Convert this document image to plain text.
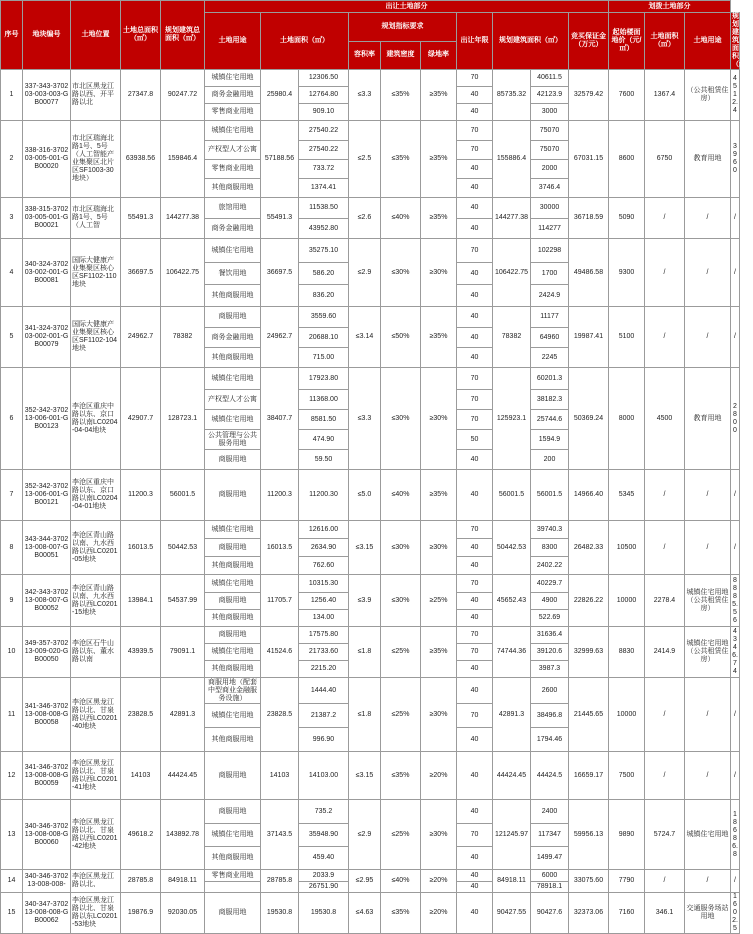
序号	地块编号	土地位置	土地总面积（㎡）	规划建筑总面积（㎡）	出让土地部分										划拨土地部分			
					土地用途	土地面积（㎡）		规划指标要求			出让年限	规划建筑面积（㎡）		竞买保证金（万元）	起始楼面地价（元/㎡）	土地面积（㎡）	土地用途	规划建筑面积（㎡）
								容积率	建筑密度	绿地率								
1	337-343-370203-003-003-GB00077	市北区黑龙江路以西、开平路以北	27347.8	90247.72	城镇住宅用地	25980.4	12306.50	≤3.3	≤35%	≥35%	70	85735.32	40611.5	32579.42	7600	1367.4	（公共租赁住房）	4512.4
					商务金融用地		12764.80				40		42123.9					
					零售商业用地		909.10				40		3000					
2	338-316-370203-005-001-GB00020	市北区瑞海北路1号、5号（人工智能产业集聚区北片区SF1003-30地块）	63938.56	159846.4	城镇住宅用地	57188.56	27540.22	≤2.5	≤35%	≥35%	70	155886.4	75070	67031.15	8600	6750	教育用地	3960
					产权型人才公寓		27540.22				70		75070					
					零售商业用地		733.72				40		2000					
					其他商服用地		1374.41				40		3746.4					
3	338-315-370203-005-001-GB00021	市北区瑞海北路1号、5号（人工智	55491.3	144277.38	旅馆用地	55491.3	11538.50	≤2.6	≤40%	≥35%	40	144277.38	30000	36718.59	5090	/	/	/
					商务金融用地		43952.80				40		114277					
4	340-324-370203-002-001-GB00081	国际大健康产业集聚区核心区SF1102-110地块	36697.5	106422.75	城镇住宅用地	36697.5	35275.10	≤2.9	≤30%	≥30%	70	106422.75	102298	49486.58	9300	/	/	/
					餐饮用地		586.20				40		1700					
					其他商服用地		836.20				40		2424.9					
5	341-324-370203-002-001-GB00079	国际大健康产业集聚区核心区SF1102-104地块	24962.7	78382	商服用地	24962.7	3559.60	≤3.14	≤50%	≥35%	40	78382	11177	19987.41	5100	/	/	/
					商务金融用地		20688.10				40		64960					
					其他商服用地		715.00				40		2245					
6	352-342-370213-006-001-GB00123	李沧区重庆中路以东、京口路以南LC0204-04-04地块	42907.7	128723.1	城镇住宅用地	38407.7	17923.80	≤3.3	≤30%	≥30%	70	125923.1	60201.3	50369.24	8000	4500	教育用地	2800
					产权型人才公寓		11368.00				70		38182.3					
					城镇住宅用地		8581.50				70		25744.6					
					公共管理与公共服务用地		474.90				50		1594.9					
					商服用地		59.50				40		200					
7	352-342-370213-006-001-GB00121	李沧区重庆中路以东、京口路以南LC0204-04-01地块	11200.3	56001.5	商服用地	11200.3	11200.30	≤5.0	≤40%	≥35%	40	56001.5	56001.5	14966.40	5345	/	/	/
8	343-344-370213-008-007-GB00051	李沧区青山路以南、九水西路以西LC0201-05地块	16013.5	50442.53	城镇住宅用地	16013.5	12616.00	≤3.15	≤30%	≥30%	70	50442.53	39740.3	26482.33	10500	/	/	/
					商服用地		2634.90				40		8300					
					其他商服用地		762.60				40		2402.22					
9	342-343-370213-008-007-GB00052	李沧区青山路以南、九水西路以西LC0201-15地块	13984.1	54537.99	城镇住宅用地	11705.7	10315.30	≤3.9	≤30%	≥25%	70	45652.43	40229.7	22826.22	10000	2278.4	城镇住宅用地（公共租赁住房）	8885.56
					商服用地		1256.40				40		4900					
					其他商服用地		134.00				40		522.69					
10	349-357-370213-009-020-GB00050	李沧区石牛山路以东、董水路以南	43939.5	79091.1	商服用地	41524.6	17575.80	≤1.8	≤25%	≥35%	70	74744.36	31636.4	32999.63	8830	2414.9	城镇住宅用地（公共租赁住房）	4346.74
					城镇住宅用地		21733.60				70		39120.6					
					其他商服用地		2215.20				40		3987.3					
11	341-346-370213-008-008-GB00058	李沧区黑龙江路以北、甘泉路以西LC0201-40地块	23828.5	42891.3	商服用地（配套中型商业金融服务设施）	23828.5	1444.40	≤1.8	≤25%	≥30%	40	42891.3	2600	21445.65	10000	/	/	/
					城镇住宅用地		21387.2				70		38496.8					
					其他商服用地		996.90				40		1794.46					
12	341-346-370213-008-008-GB00059	李沧区黑龙江路以北、甘泉路以西LC0201-41地块	14103	44424.45	商服用地	14103	14103.00	≤3.15	≤35%	≥20%	40	44424.45	44424.5	16659.17	7500	/	/	/
13	340-346-370213-008-008-GB00060	李沧区黑龙江路以北、甘泉路以西LC0201-42地块	49618.2	143892.78	商服用地	37143.5	735.2	≤2.9	≤25%	≥30%	40	121245.97	2400	59956.13	9890	5724.7	城镇住宅用地	18686.8
					城镇住宅用地		35948.90				70		117347					
					其他商服用地		459.40				40		1499.47					
14	340-346-370213-008-008-	李沧区黑龙江路以北、	28785.8	84918.11	零售商业用地	28785.8	2033.9	≤2.95	≤40%	≥20%	40	84918.11	6000	33075.60	7790	/	/	/
							26751.90				40		78918.1					
15	340-347-370213-008-008-GB00062	李沧区黑龙江路以北、甘泉路以东LC0201-53地块	19876.9	92030.05	商服用地	19530.8	19530.8	≤4.63	≤35%	≥20%	40	90427.55	90427.6	32373.06	7160	346.1	交通服务场站用地	1602.5
